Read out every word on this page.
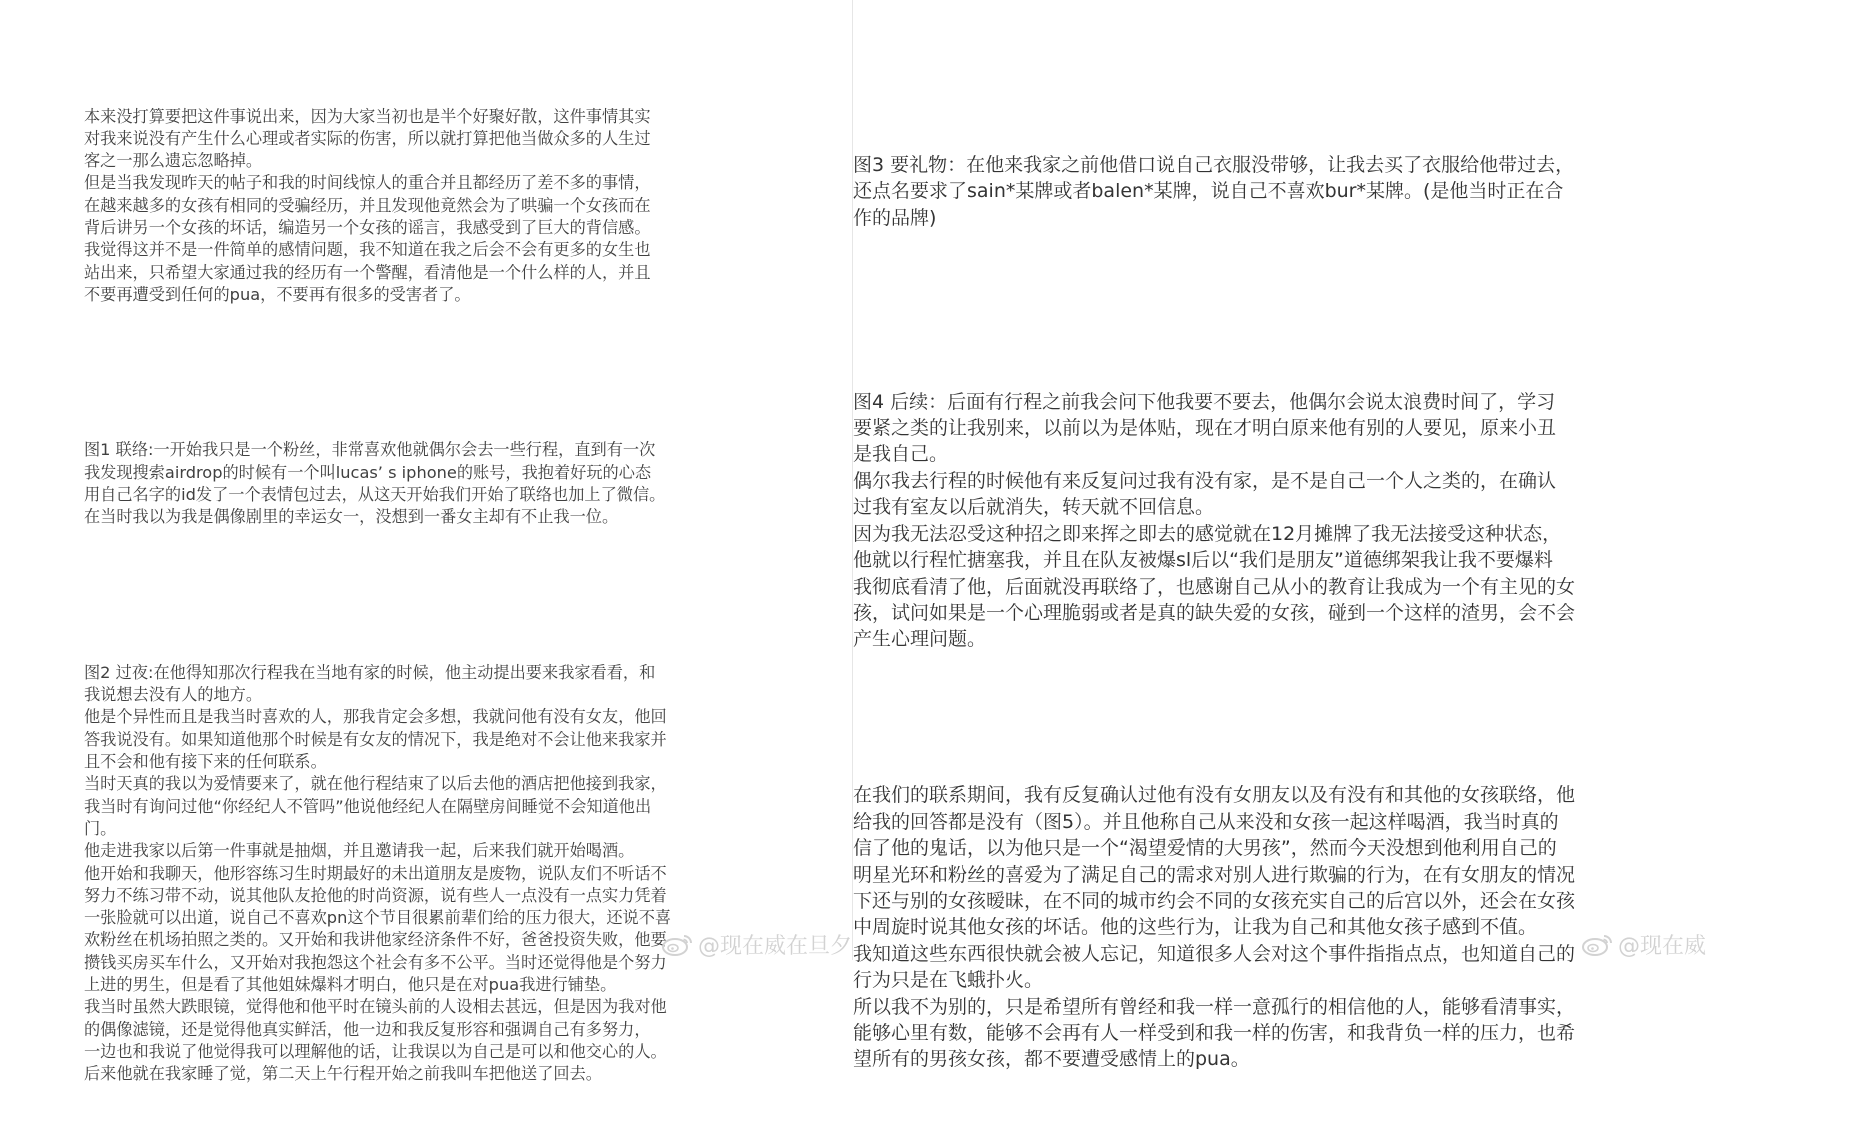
本来没打算要把这件事说出来，因为大家当初也是半个好聚好散，这件事情其实
对我来说没有产生什么心理或者实际的伤害，所以就打算把他当做众多的人生过
客之一那么遗忘忽略掉。
但是当我发现昨天的帖子和我的时间线惊人的重合并且都经历了差不多的事情，
在越来越多的女孩有相同的受骗经历，并且发现他竟然会为了哄骗一个女孩而在
背后讲另一个女孩的坏话，编造另一个女孩的谣言，我感受到了巨大的背信感。
我觉得这并不是一件简单的感情问题，我不知道在我之后会不会有更多的女生也
站出来，只希望大家通过我的经历有一个警醒，看清他是一个什么样的人，并且
不要再遭受到任何的pua，不要再有很多的受害者了。

图1 联络:一开始我只是一个粉丝，非常喜欢他就偶尔会去一些行程，直到有一次
我发现搜索airdrop的时候有一个叫lucas’ s iphone的账号，我抱着好玩的心态
用自己名字的id发了一个表情包过去，从这天开始我们开始了联络也加上了微信。
在当时我以为我是偶像剧里的幸运女一，没想到一番女主却有不止我一位。

图2 过夜:在他得知那次行程我在当地有家的时候，他主动提出要来我家看看，和
我说想去没有人的地方。
他是个异性而且是我当时喜欢的人，那我肯定会多想，我就问他有没有女友，他回
答我说没有。如果知道他那个时候是有女友的情况下，我是绝对不会让他来我家并
且不会和他有接下来的任何联系。
当时天真的我以为爱情要来了，就在他行程结束了以后去他的酒店把他接到我家，
我当时有询问过他“你经纪人不管吗”他说他经纪人在隔壁房间睡觉不会知道他出
门。
他走进我家以后第一件事就是抽烟，并且邀请我一起，后来我们就开始喝酒。
他开始和我聊天，他形容练习生时期最好的未出道朋友是废物，说队友们不听话不
努力不练习带不动，说其他队友抢他的时尚资源，说有些人一点没有一点实力凭着
一张脸就可以出道，说自己不喜欢pn这个节目很累前辈们给的压力很大，还说不喜
欢粉丝在机场拍照之类的。又开始和我讲他家经济条件不好，爸爸投资失败，他要
攒钱买房买车什么，又开始对我抱怨这个社会有多不公平。当时还觉得他是个努力
上进的男生，但是看了其他姐妹爆料才明白，他只是在对pua我进行铺垫。
我当时虽然大跌眼镜，觉得他和他平时在镜头前的人设相去甚远，但是因为我对他
的偶像滤镜，还是觉得他真实鲜活，他一边和我反复形容和强调自己有多努力，
一边也和我说了他觉得我可以理解他的话，让我误以为自己是可以和他交心的人。
后来他就在我家睡了觉，第二天上午行程开始之前我叫车把他送了回去。

@现在威在旦夕

图3 要礼物：在他来我家之前他借口说自己衣服没带够，让我去买了衣服给他带过去，
还点名要求了sain*某牌或者balen*某牌，说自己不喜欢bur*某牌。(是他当时正在合
作的品牌)

图4 后续：后面有行程之前我会问下他我要不要去，他偶尔会说太浪费时间了，学习
要紧之类的让我别来，以前以为是体贴，现在才明白原来他有别的人要见，原来小丑
是我自己。
偶尔我去行程的时候他有来反复问过我有没有家，是不是自己一个人之类的，在确认
过我有室友以后就消失，转天就不回信息。
因为我无法忍受这种招之即来挥之即去的感觉就在12月摊牌了我无法接受这种状态，
他就以行程忙搪塞我，并且在队友被爆sl后以“我们是朋友”道德绑架我让我不要爆料
我彻底看清了他，后面就没再联络了，也感谢自己从小的教育让我成为一个有主见的女
孩，试问如果是一个心理脆弱或者是真的缺失爱的女孩，碰到一个这样的渣男，会不会
产生心理问题。

在我们的联系期间，我有反复确认过他有没有女朋友以及有没有和其他的女孩联络，他
给我的回答都是没有（图5）。并且他称自己从来没和女孩一起这样喝酒，我当时真的
信了他的鬼话，以为他只是一个“渴望爱情的大男孩”，然而今天没想到他利用自己的
明星光环和粉丝的喜爱为了满足自己的需求对别人进行欺骗的行为，在有女朋友的情况
下还与别的女孩暧昧，在不同的城市约会不同的女孩充实自己的后宫以外，还会在女孩
中周旋时说其他女孩的坏话。他的这些行为，让我为自己和其他女孩子感到不值。
我知道这些东西很快就会被人忘记，知道很多人会对这个事件指指点点，也知道自己的
行为只是在飞蛾扑火。
所以我不为别的，只是希望所有曾经和我一样一意孤行的相信他的人，能够看清事实，
能够心里有数，能够不会再有人一样受到和我一样的伤害，和我背负一样的压力，也希
望所有的男孩女孩，都不要遭受感情上的pua。

@现在威
